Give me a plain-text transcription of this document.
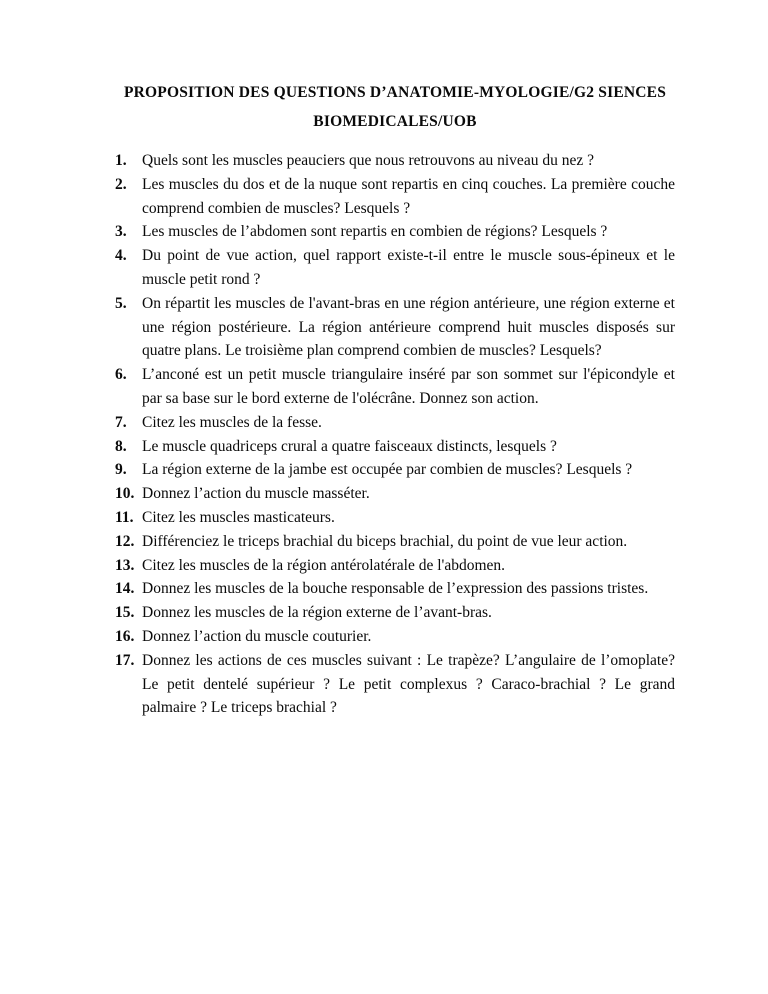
PROPOSITION DES QUESTIONS D’ANATOMIE-MYOLOGIE/G2 SIENCES
BIOMEDICALES/UOB
1. Quels sont les muscles peauciers que nous retrouvons au niveau du nez ?
2. Les muscles du dos et de la nuque sont repartis en cinq couches. La première couche comprend combien de muscles? Lesquels ?
3. Les muscles de l’abdomen sont repartis en combien de régions? Lesquels ?
4. Du point de vue action, quel rapport existe-t-il entre le muscle sous-épineux et le muscle petit rond ?
5. On répartit les muscles de l'avant-bras en une région antérieure, une région externe et une région postérieure. La région antérieure comprend huit muscles disposés sur quatre plans. Le troisième plan comprend combien de muscles? Lesquels?
6. L’anconé est un petit muscle triangulaire inséré par son sommet sur l'épicondyle et par sa base sur le bord externe de l'olécrâne. Donnez son action.
7. Citez les muscles de la fesse.
8. Le muscle quadriceps crural a quatre faisceaux distincts, lesquels ?
9. La région externe de la jambe est occupée par combien de muscles? Lesquels ?
10. Donnez l’action du muscle masséter.
11. Citez les muscles masticateurs.
12. Différenciez le triceps brachial du biceps brachial, du point de vue leur action.
13. Citez les muscles de la région antérolatérale de l'abdomen.
14. Donnez les muscles de la bouche responsable de l’expression des passions tristes.
15. Donnez les muscles de la région externe de l’avant-bras.
16. Donnez l’action du muscle couturier.
17. Donnez les actions de ces muscles suivant : Le trapèze? L’angulaire de l’omoplate? Le petit dentelé supérieur ? Le petit complexus ? Caraco-brachial ? Le grand palmaire ? Le triceps brachial ?
